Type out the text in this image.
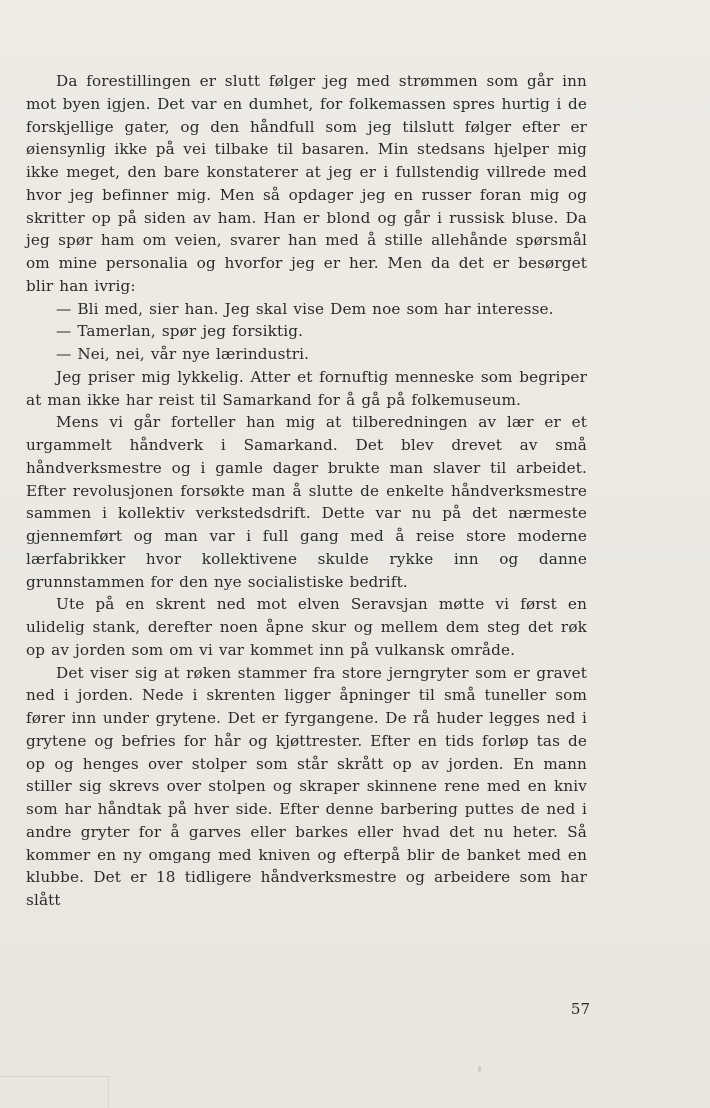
Da forestillingen er slutt følger jeg med strømmen som går inn mot byen igjen. Det var en dumhet, for folkemassen spres hurtig i de forskjellige gater, og den håndfull som jeg tilslutt følger efter er øiensynlig ikke på vei tilbake til basaren. Min stedsans hjelper mig ikke meget, den bare konstaterer at jeg er i fullstendig villrede med hvor jeg befinner mig. Men så opdager jeg en russer foran mig og skritter op på siden av ham. Han er blond og går i russisk bluse. Da jeg spør ham om veien, svarer han med å stille allehånde spørsmål om mine personalia og hvorfor jeg er her. Men da det er besørget blir han ivrig:

— Bli med, sier han. Jeg skal vise Dem noe som har interesse.

— Tamerlan, spør jeg forsiktig.

— Nei, nei, vår nye lærindustri.

Jeg priser mig lykkelig. Atter et fornuftig menneske som begriper at man ikke har reist til Samarkand for å gå på folkemuseum.

Mens vi går forteller han mig at tilberedningen av lær er et urgammelt håndverk i Samarkand. Det blev drevet av små håndverksmestre og i gamle dager brukte man slaver til arbeidet. Efter revolusjonen forsøkte man å slutte de enkelte håndverksmestre sammen i kollektiv verkstedsdrift. Dette var nu på det nærmeste gjennemført og man var i full gang med å reise store moderne lærfabrikker hvor kollektivene skulde rykke inn og danne grunnstammen for den nye socialistiske bedrift.

Ute på en skrent ned mot elven Seravsjan møtte vi først en ulidelig stank, derefter noen åpne skur og mellem dem steg det røk op av jorden som om vi var kommet inn på vulkansk område.

Det viser sig at røken stammer fra store jerngryter som er gravet ned i jorden. Nede i skrenten ligger åpninger til små tuneller som fører inn under grytene. Det er fyrgangene. De rå huder legges ned i grytene og befries for hår og kjøttrester. Efter en tids forløp tas de op og henges over stolper som står skrått op av jorden. En mann stiller sig skrevs over stolpen og skraper skinnene rene med en kniv som har håndtak på hver side. Efter denne barbering puttes de ned i andre gryter for å garves eller barkes eller hvad det nu heter. Så kommer en ny omgang med kniven og efterpå blir de banket med en klubbe. Det er 18 tidligere håndverksmestre og arbeidere som har slått

57
